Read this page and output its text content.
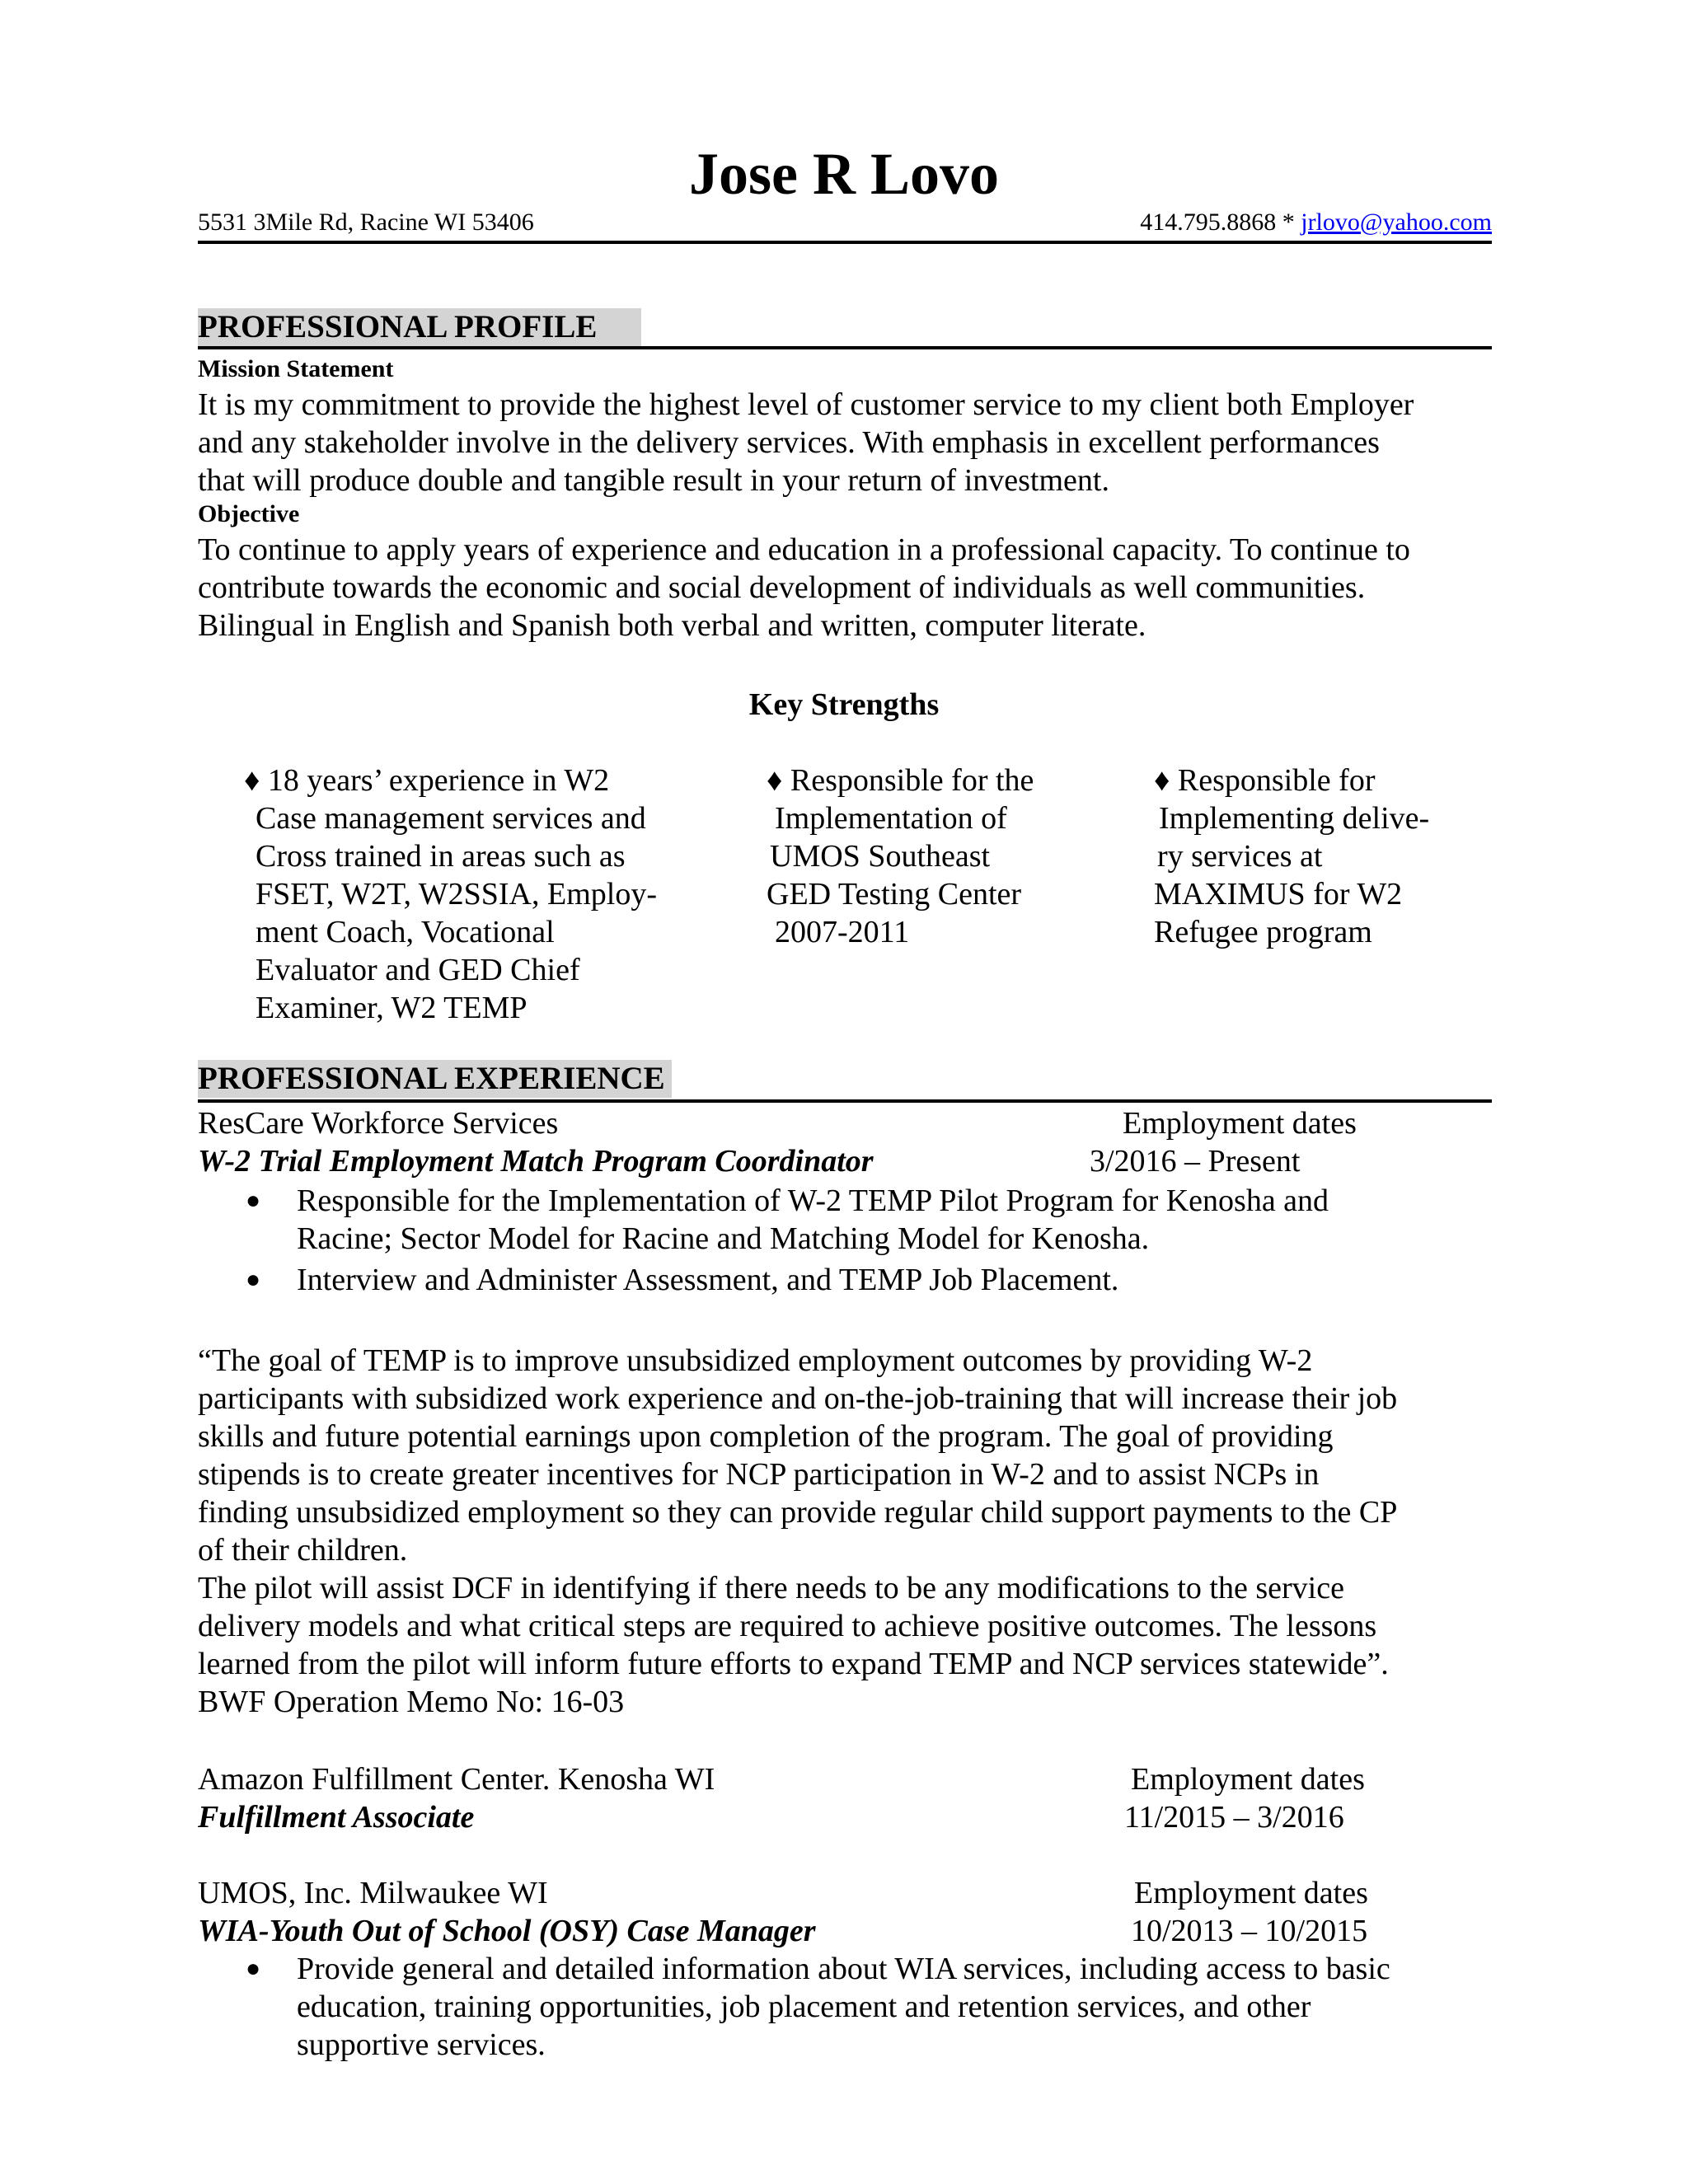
Jose R Lovo
5531 3Mile Rd, Racine WI 53406	414.795.8868 * jrlovo@yahoo.com
PROFESSIONAL PROFILE
Mission Statement
It is my commitment to provide the highest level of customer service to my client both Employer
and any stakeholder involve in the delivery services. With emphasis in excellent performances
that will produce double and tangible result in your return of investment.
Objective
To continue to apply years of experience and education in a professional capacity. To continue to
contribute towards the economic and social development of individuals as well communities.
Bilingual in English and Spanish both verbal and written, computer literate.
Key Strengths
♦ 18 years’ experience in W2
Case management services and
Cross trained in areas such as
FSET, W2T, W2SSIA, Employ-
ment Coach, Vocational
Evaluator and GED Chief
Examiner, W2 TEMP
♦ Responsible for the
Implementation of
UMOS Southeast
GED Testing Center
2007-2011
♦ Responsible for
Implementing delive-
ry services at
MAXIMUS for W2
Refugee program
PROFESSIONAL EXPERIENCE
ResCare Workforce Services	Employment dates
W-2 Trial Employment Match Program Coordinator	3/2016 – Present
● Responsible for the Implementation of W-2 TEMP Pilot Program for Kenosha and
Racine; Sector Model for Racine and Matching Model for Kenosha.
● Interview and Administer Assessment, and TEMP Job Placement.
“The goal of TEMP is to improve unsubsidized employment outcomes by providing W-2
participants with subsidized work experience and on-the-job-training that will increase their job
skills and future potential earnings upon completion of the program. The goal of providing
stipends is to create greater incentives for NCP participation in W-2 and to assist NCPs in
finding unsubsidized employment so they can provide regular child support payments to the CP
of their children.
The pilot will assist DCF in identifying if there needs to be any modifications to the service
delivery models and what critical steps are required to achieve positive outcomes. The lessons
learned from the pilot will inform future efforts to expand TEMP and NCP services statewide”.
BWF Operation Memo No: 16-03
Amazon Fulfillment Center. Kenosha WI	Employment dates
Fulfillment Associate	11/2015 – 3/2016
UMOS, Inc. Milwaukee WI	Employment dates
WIA-Youth Out of School (OSY) Case Manager	10/2013 – 10/2015
● Provide general and detailed information about WIA services, including access to basic
education, training opportunities, job placement and retention services, and other
supportive services.
